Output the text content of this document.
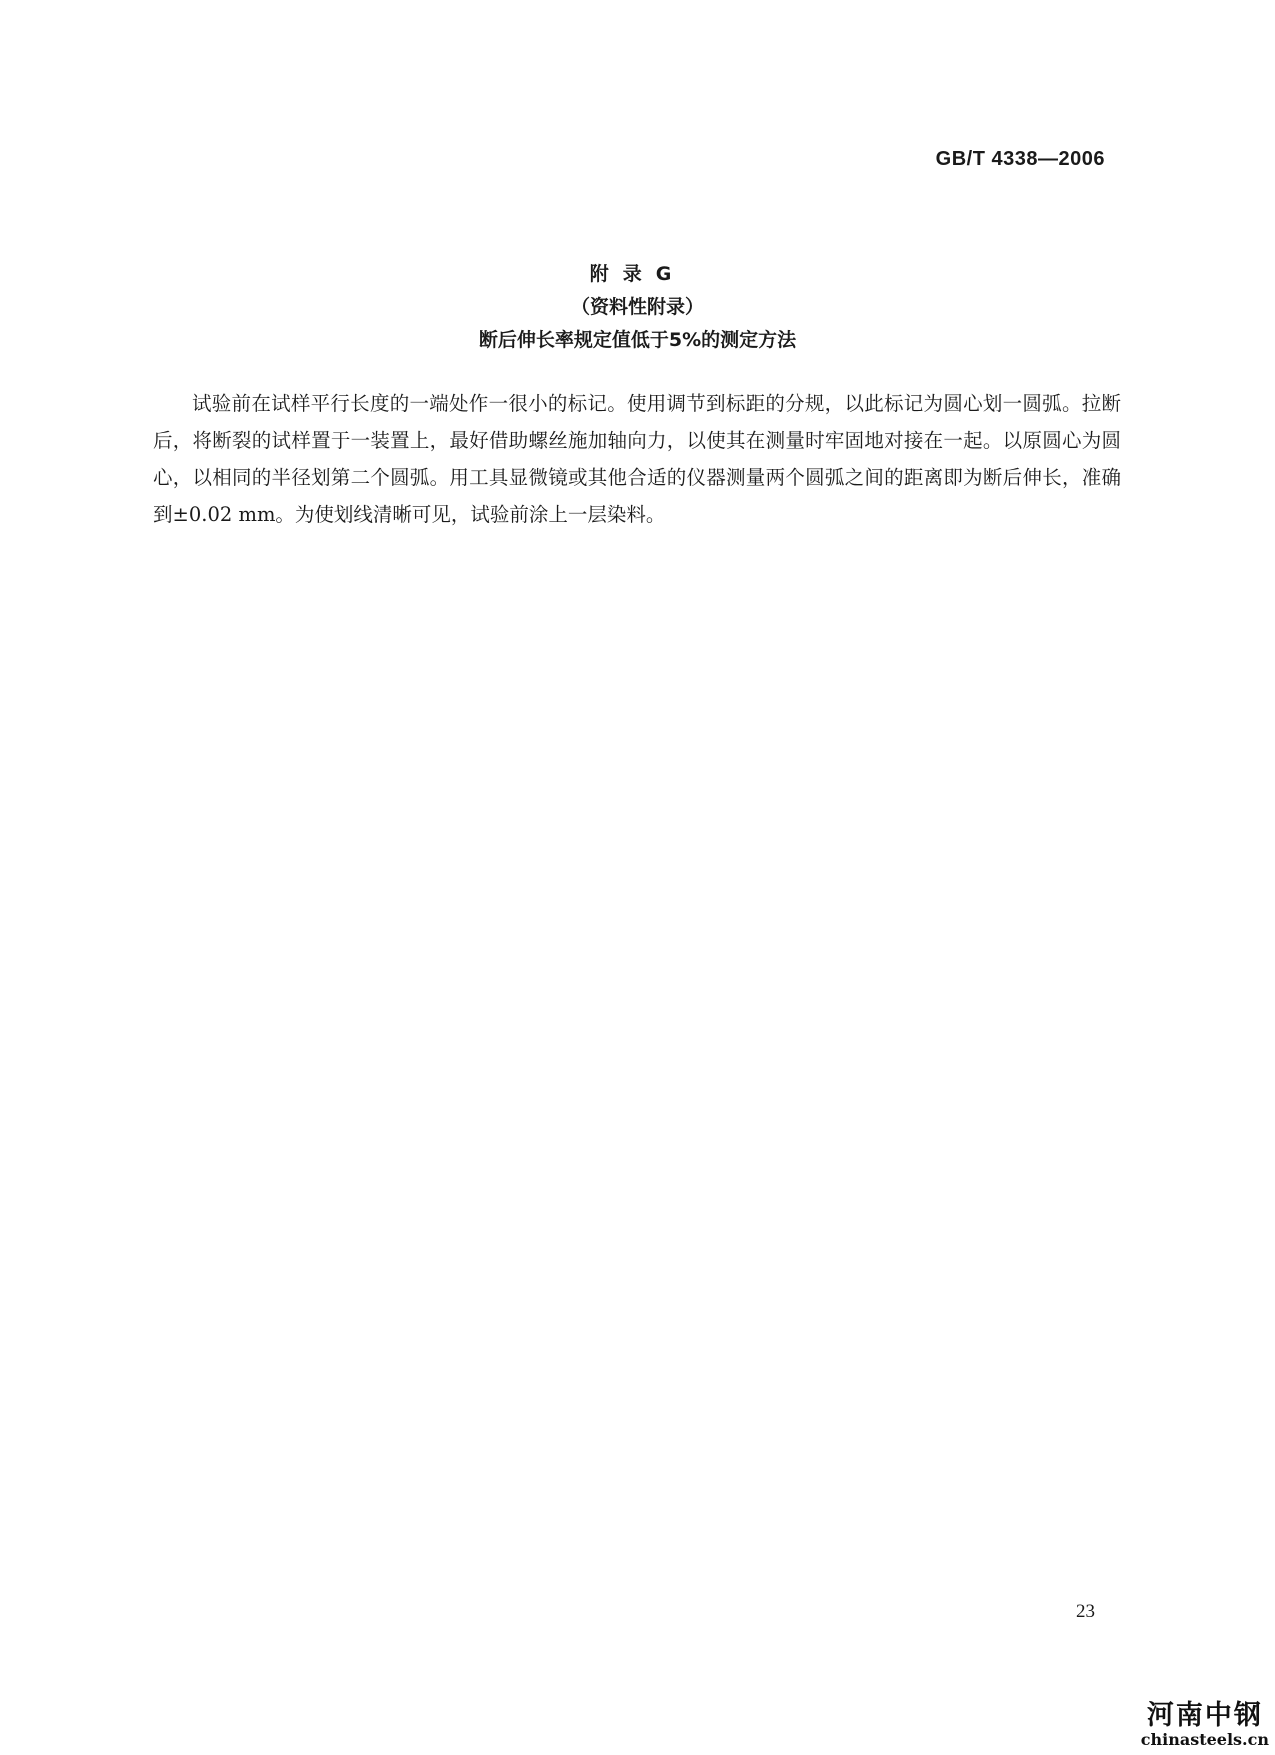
GB/T 4338—2006
附录G
（资料性附录）
断后伸长率规定值低于5%的测定方法

试验前在试样平行长度的一端处作一很小的标记。使用调节到标距的分规，以此标记为圆心划一圆弧。拉断后，将断裂的试样置于一装置上，最好借助螺丝施加轴向力，以使其在测量时牢固地对接在一起。以原圆心为圆心，以相同的半径划第二个圆弧。用工具显微镜或其他合适的仪器测量两个圆弧之间的距离即为断后伸长，准确到±0.02 mm。为使划线清晰可见，试验前涂上一层染料。

23
河南中钢
chinasteels.cn
